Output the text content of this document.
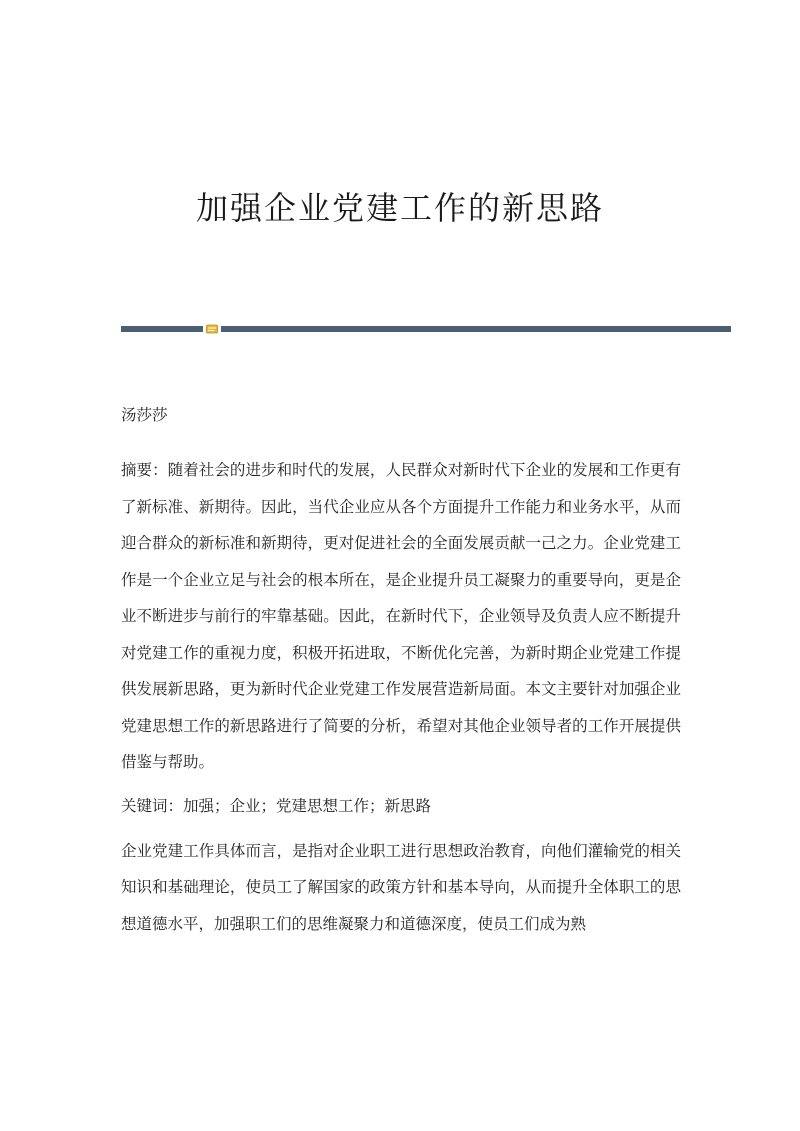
加强企业党建工作的新思路

汤莎莎

摘要：随着社会的进步和时代的发展，人民群众对新时代下企业的发展和工作更有了新标准、新期待。因此，当代企业应从各个方面提升工作能力和业务水平，从而迎合群众的新标准和新期待，更对促进社会的全面发展贡献一己之力。企业党建工作是一个企业立足与社会的根本所在，是企业提升员工凝聚力的重要导向，更是企业不断进步与前行的牢靠基础。因此，在新时代下，企业领导及负责人应不断提升对党建工作的重视力度，积极开拓进取，不断优化完善，为新时期企业党建工作提供发展新思路，更为新时代企业党建工作发展营造新局面。本文主要针对加强企业党建思想工作的新思路进行了简要的分析，希望对其他企业领导者的工作开展提供借鉴与帮助。

关键词：加强；企业；党建思想工作；新思路

企业党建工作具体而言，是指对企业职工进行思想政治教育，向他们灌输党的相关知识和基础理论，使员工了解国家的政策方针和基本导向，从而提升全体职工的思想道德水平，加强职工们的思维凝聚力和道德深度，使员工们成为熟
